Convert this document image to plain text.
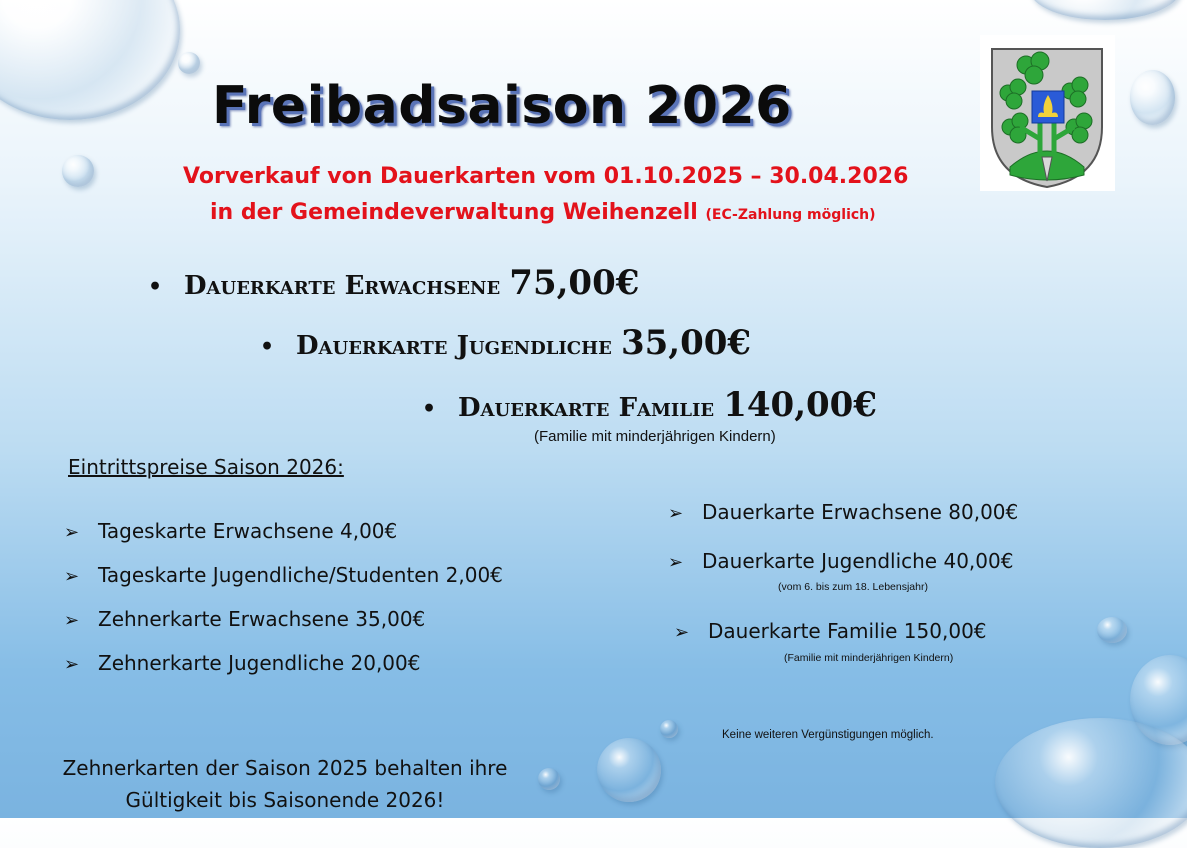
Freibadsaison 2026
Vorverkauf von Dauerkarten vom 01.10.2025 – 30.04.2026
in der Gemeindeverwaltung Weihenzell (EC-Zahlung möglich)
• Dauerkarte Erwachsene 75,00€
• Dauerkarte Jugendliche 35,00€
• Dauerkarte Familie 140,00€
(Familie mit minderjährigen Kindern)
Eintrittspreise Saison 2026:
➢ Tageskarte Erwachsene 4,00€
➢ Tageskarte Jugendliche/Studenten 2,00€
➢ Zehnerkarte Erwachsene 35,00€
➢ Zehnerkarte Jugendliche 20,00€
➢ Dauerkarte Erwachsene 80,00€
➢ Dauerkarte Jugendliche 40,00€
(vom 6. bis zum 18. Lebensjahr)
➢ Dauerkarte Familie 150,00€
(Familie mit minderjährigen Kindern)
Keine weiteren Vergünstigungen möglich.
Zehnerkarten der Saison 2025 behalten ihre
Gültigkeit bis Saisonende 2026!
